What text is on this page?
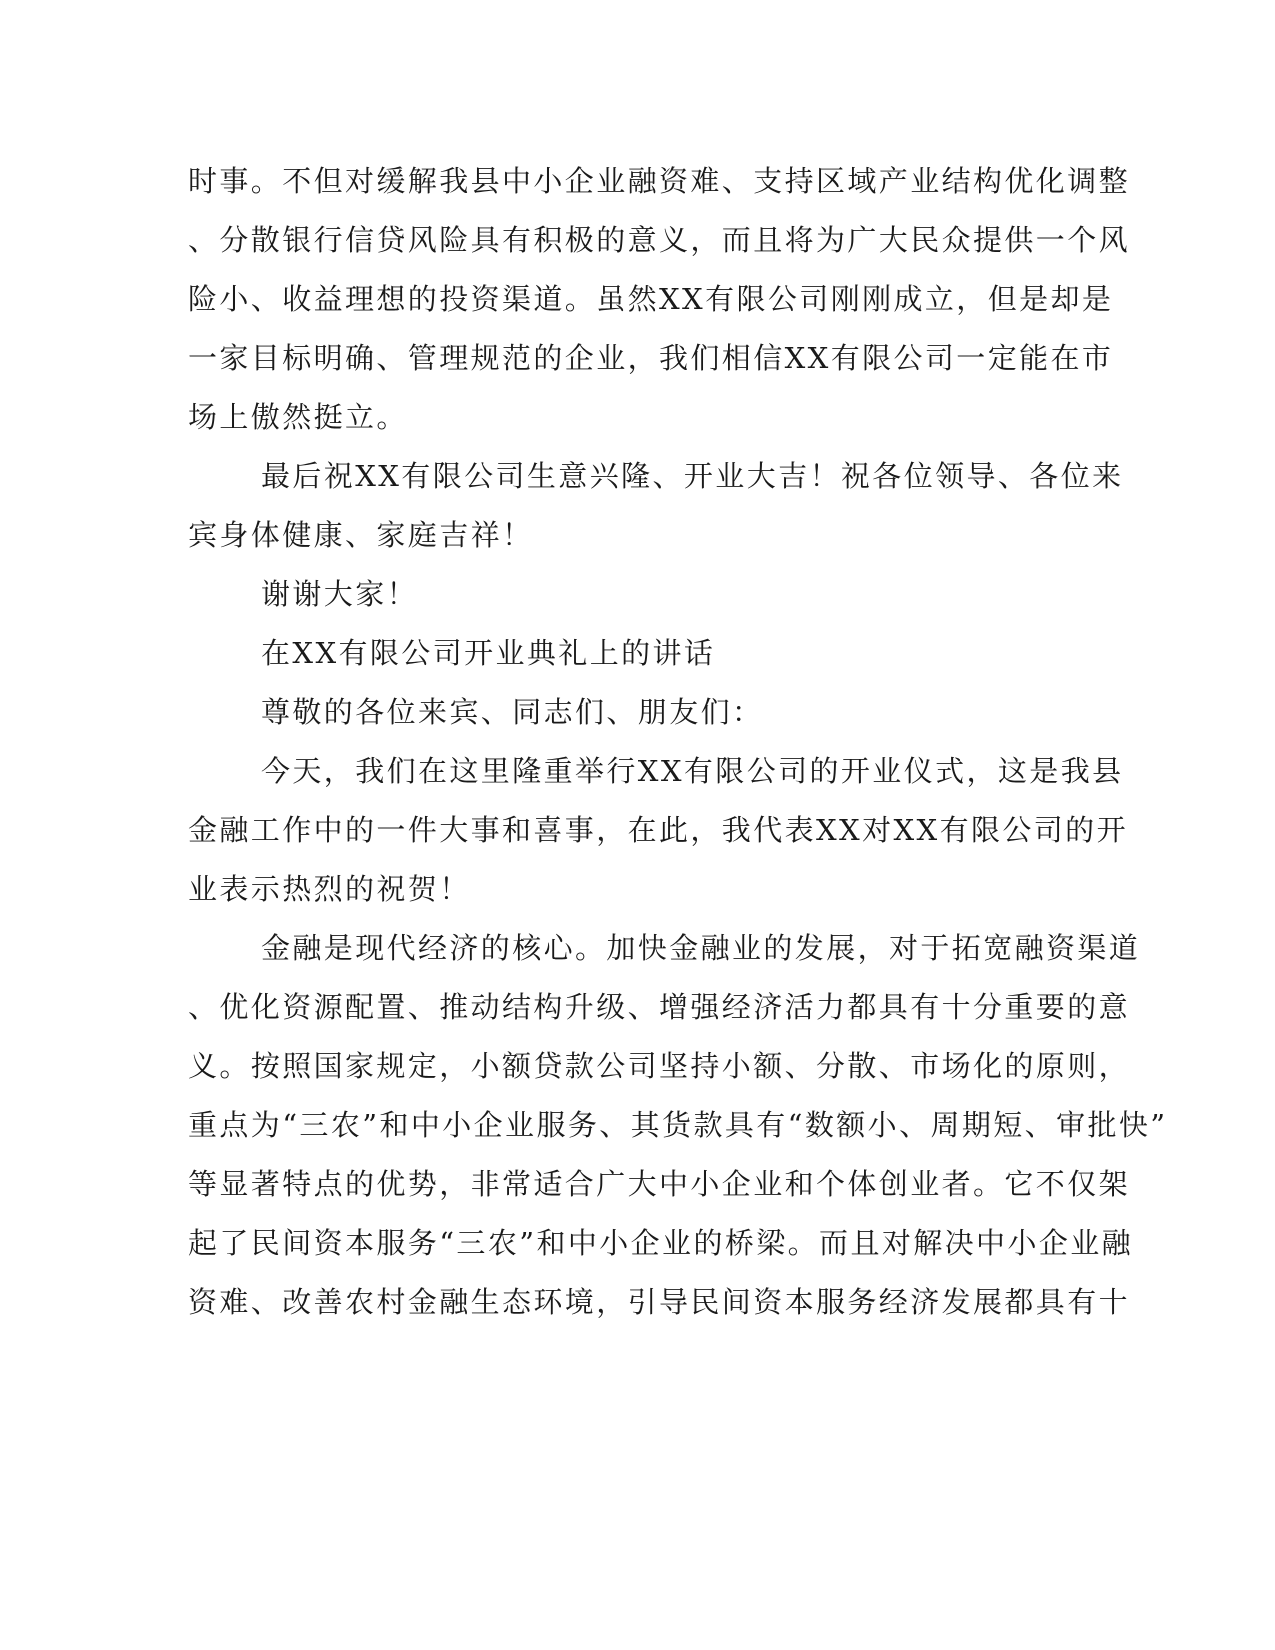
时事。不但对缓解我县中小企业融资难、支持区域产业结构优化调整
、分散银行信贷风险具有积极的意义，而且将为广大民众提供一个风
险小、收益理想的投资渠道。虽然XX有限公司刚刚成立，但是却是
一家目标明确、管理规范的企业，我们相信XX有限公司一定能在市
场上傲然挺立。
最后祝XX有限公司生意兴隆、开业大吉！祝各位领导、各位来
宾身体健康、家庭吉祥！
谢谢大家！
在XX有限公司开业典礼上的讲话
尊敬的各位来宾、同志们、朋友们：
今天，我们在这里隆重举行XX有限公司的开业仪式，这是我县
金融工作中的一件大事和喜事，在此，我代表XX对XX有限公司的开
业表示热烈的祝贺！
金融是现代经济的核心。加快金融业的发展，对于拓宽融资渠道
、优化资源配置、推动结构升级、增强经济活力都具有十分重要的意
义。按照国家规定，小额贷款公司坚持小额、分散、市场化的原则，
重点为“三农”和中小企业服务、其货款具有“数额小、周期短、审批快”
等显著特点的优势，非常适合广大中小企业和个体创业者。它不仅架
起了民间资本服务“三农”和中小企业的桥梁。而且对解决中小企业融
资难、改善农村金融生态环境，引导民间资本服务经济发展都具有十
